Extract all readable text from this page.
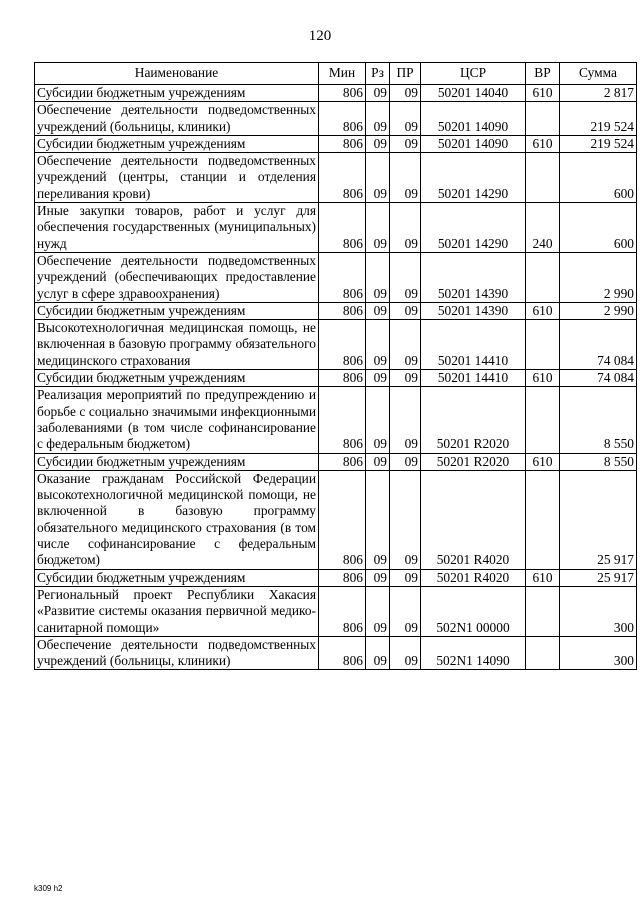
120
Наименование	Мин	Рз	ПР	ЦСР	ВР	Сумма
Субсидии бюджетным учреждениям	806	09	09	50201 14040	610	2 817
Обеспечение деятельности подведомственных учреждений (больницы, клиники)	806	09	09	50201 14090		219 524
Субсидии бюджетным учреждениям	806	09	09	50201 14090	610	219 524
Обеспечение деятельности подведомственных учреждений (центры, станции и отделения переливания крови)	806	09	09	50201 14290		600
Иные закупки товаров, работ и услуг для обеспечения государственных (муниципальных) нужд	806	09	09	50201 14290	240	600
Обеспечение деятельности подведомственных учреждений (обеспечивающих предоставление услуг в сфере здравоохранения)	806	09	09	50201 14390		2 990
Субсидии бюджетным учреждениям	806	09	09	50201 14390	610	2 990
Высокотехнологичная медицинская помощь, не включенная в базовую программу обязательного медицинского страхования	806	09	09	50201 14410		74 084
Субсидии бюджетным учреждениям	806	09	09	50201 14410	610	74 084
Реализация мероприятий по предупреждению и борьбе с социально значимыми инфекционными заболеваниями (в том числе софинансирование с федеральным бюджетом)	806	09	09	50201 R2020		8 550
Субсидии бюджетным учреждениям	806	09	09	50201 R2020	610	8 550
Оказание гражданам Российской Федерации высокотехнологичной медицинской помощи, не включенной в базовую программу обязательного медицинского страхования (в том числе софинансирование с федеральным бюджетом)	806	09	09	50201 R4020		25 917
Субсидии бюджетным учреждениям	806	09	09	50201 R4020	610	25 917
Региональный проект Республики Хакасия «Развитие системы оказания первичной медико-санитарной помощи»	806	09	09	502N1 00000		300
Обеспечение деятельности подведомственных учреждений (больницы, клиники)	806	09	09	502N1 14090		300
k309 h2
